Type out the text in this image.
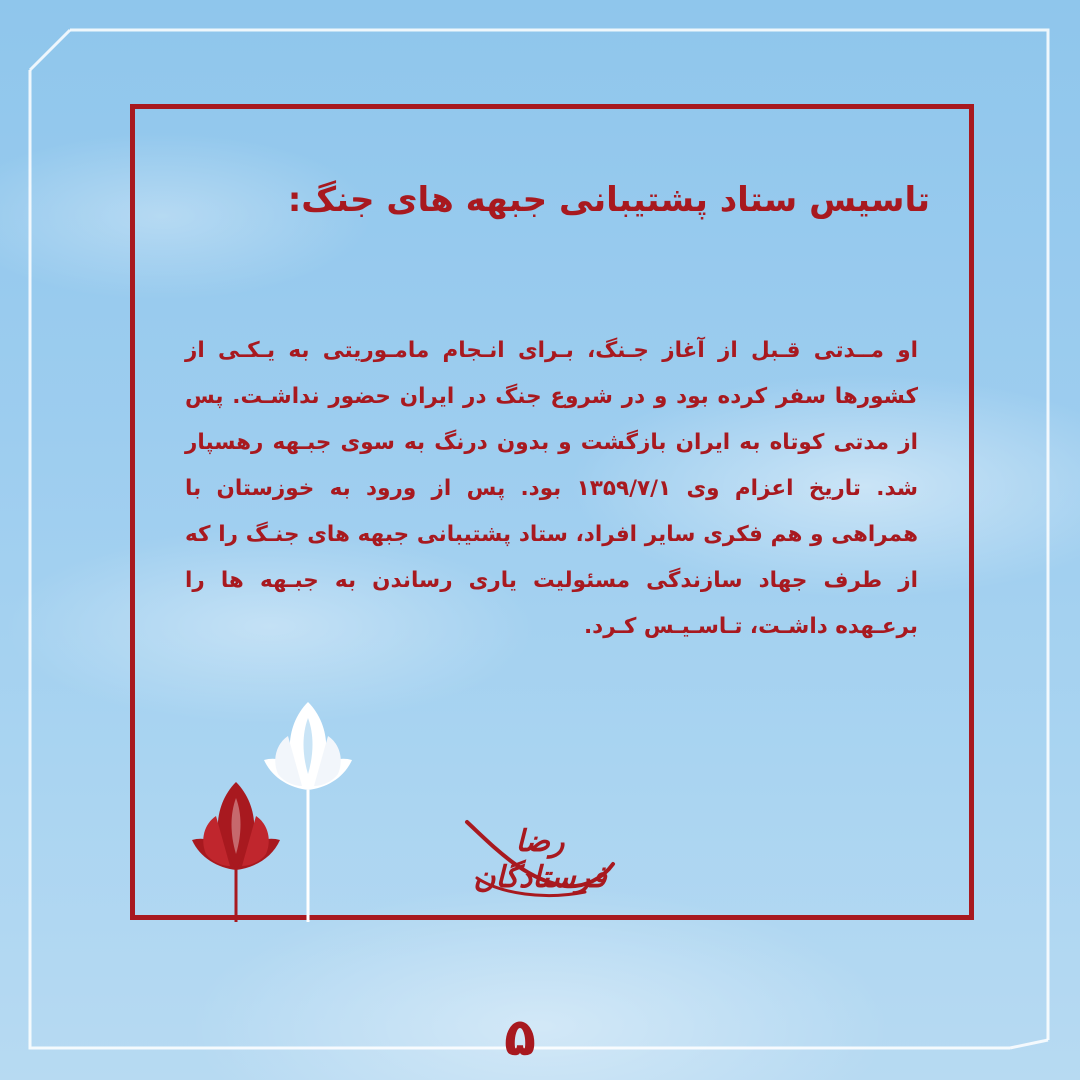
تاسیس ستاد پشتیبانی جبهه های جنگ:

او مــدتی قـبل از آغاز جـنگ، بـرای انـجام مامـوریتی به یـکـی از کشورها سفر کرده بود و در شروع جنگ در ایران حضور نداشـت. پس از مدتی کوتاه به ایران بازگشت و بدون درنگ به سوی جبـهه رهسپار شد. تاریخ اعزام وی ۱۳۵۹/۷/۱ بود. پس از ورود به خوزستان با همراهی و هم فکری سایر افراد، ستاد پشتیبانی جبهه های جنـگ را که از طرف جهاد سازندگی مسئولیت یاری رساندن به جبـهه ها را برعـهده داشـت، تـاسـیـس کـرد.

رضا فرستادگان
۵
